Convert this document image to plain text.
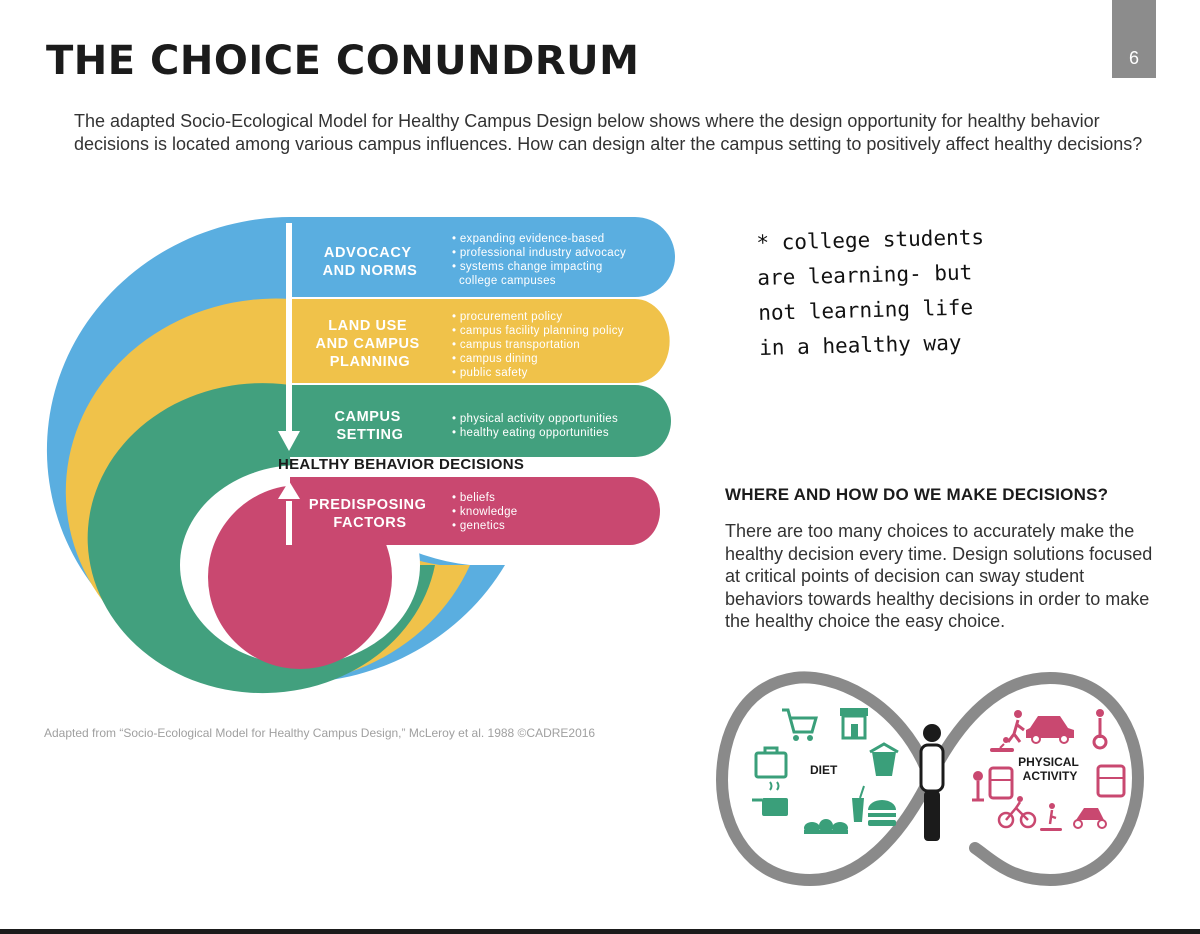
6
THE CHOICE CONUNDRUM

The adapted Socio-Ecological Model for Healthy Campus Design below shows where the design opportunity for healthy behavior decisions is located among various campus influences. How can design alter the campus setting to positively affect healthy decisions?

ADVOCACY AND NORMS
• expanding evidence-based • professional industry advocacy • systems change impacting       college campuses
LAND USE AND CAMPUS PLANNING
• procurement policy • campus facility planning policy • campus transportation • campus dining • public safety
CAMPUS SETTING
• physical activity opportunities • healthy eating opportunities
HEALTHY BEHAVIOR DECISIONS
PREDISPOSING FACTORS
• beliefs • knowledge • genetics
Adapted from “Socio-Ecological Model for Healthy Campus Design,” McLeroy et al. 1988 ©CADRE2016
* college students
are learning- but
not learning life
in a healthy way
WHERE AND HOW DO WE MAKE DECISIONS?

There are too many choices to accurately make the healthy decision every time. Design solutions focused at critical points of decision can sway student behaviors towards healthy decisions in order to make the healthy choice the easy choice.

DIET
PHYSICAL ACTIVITY
